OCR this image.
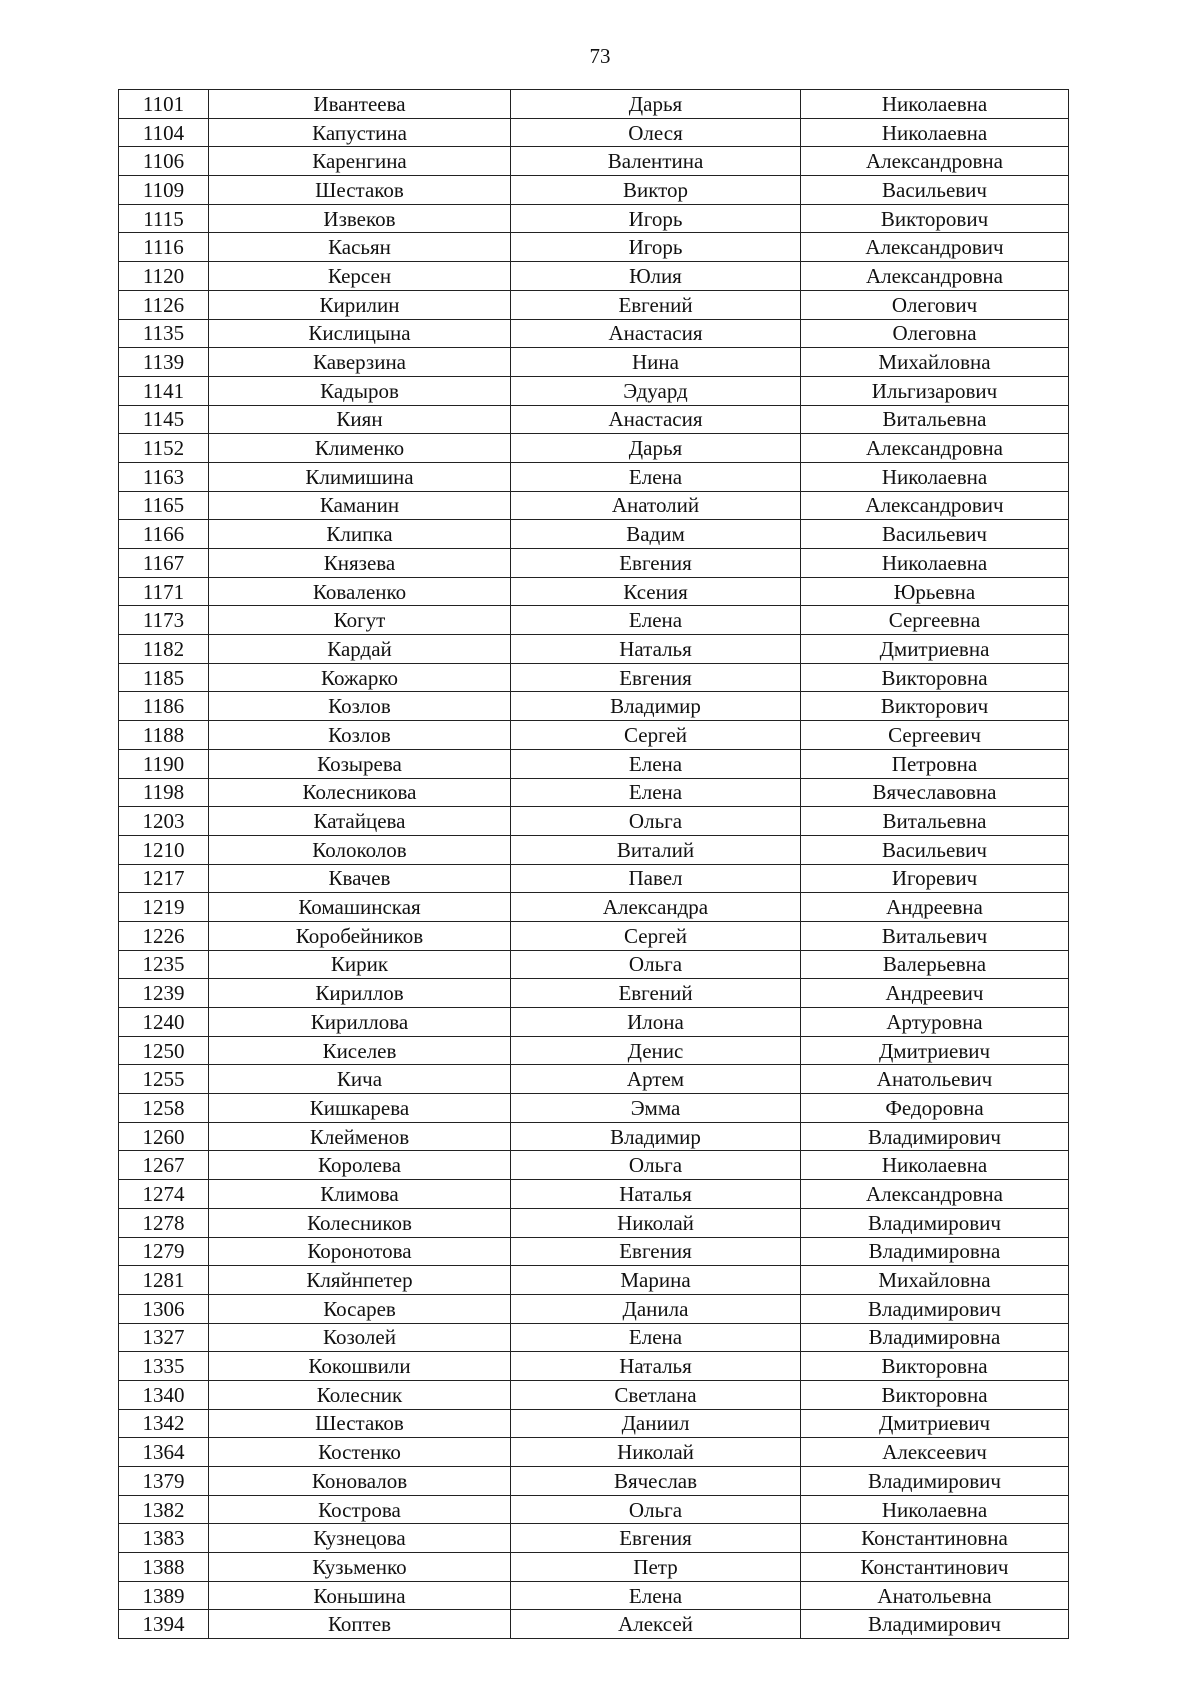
73
1101	Ивантеева	Дарья	Николаевна
1104	Капустина	Олеся	Николаевна
1106	Каренгина	Валентина	Александровна
1109	Шестаков	Виктор	Васильевич
1115	Извеков	Игорь	Викторович
1116	Касьян	Игорь	Александрович
1120	Керсен	Юлия	Александровна
1126	Кирилин	Евгений	Олегович
1135	Кислицына	Анастасия	Олеговна
1139	Каверзина	Нина	Михайловна
1141	Кадыров	Эдуард	Ильгизарович
1145	Киян	Анастасия	Витальевна
1152	Клименко	Дарья	Александровна
1163	Климишина	Елена	Николаевна
1165	Каманин	Анатолий	Александрович
1166	Клипка	Вадим	Васильевич
1167	Князева	Евгения	Николаевна
1171	Коваленко	Ксения	Юрьевна
1173	Когут	Елена	Сергеевна
1182	Кардай	Наталья	Дмитриевна
1185	Кожарко	Евгения	Викторовна
1186	Козлов	Владимир	Викторович
1188	Козлов	Сергей	Сергеевич
1190	Козырева	Елена	Петровна
1198	Колесникова	Елена	Вячеславовна
1203	Катайцева	Ольга	Витальевна
1210	Колоколов	Виталий	Васильевич
1217	Квачев	Павел	Игоревич
1219	Комашинская	Александра	Андреевна
1226	Коробейников	Сергей	Витальевич
1235	Кирик	Ольга	Валерьевна
1239	Кириллов	Евгений	Андреевич
1240	Кириллова	Илона	Артуровна
1250	Киселев	Денис	Дмитриевич
1255	Кича	Артем	Анатольевич
1258	Кишкарева	Эмма	Федоровна
1260	Клейменов	Владимир	Владимирович
1267	Королева	Ольга	Николаевна
1274	Климова	Наталья	Александровна
1278	Колесников	Николай	Владимирович
1279	Коронотова	Евгения	Владимировна
1281	Кляйнпетер	Марина	Михайловна
1306	Косарев	Данила	Владимирович
1327	Козолей	Елена	Владимировна
1335	Кокошвили	Наталья	Викторовна
1340	Колесник	Светлана	Викторовна
1342	Шестаков	Даниил	Дмитриевич
1364	Костенко	Николай	Алексеевич
1379	Коновалов	Вячеслав	Владимирович
1382	Кострова	Ольга	Николаевна
1383	Кузнецова	Евгения	Константиновна
1388	Кузьменко	Петр	Константинович
1389	Коньшина	Елена	Анатольевна
1394	Коптев	Алексей	Владимирович
